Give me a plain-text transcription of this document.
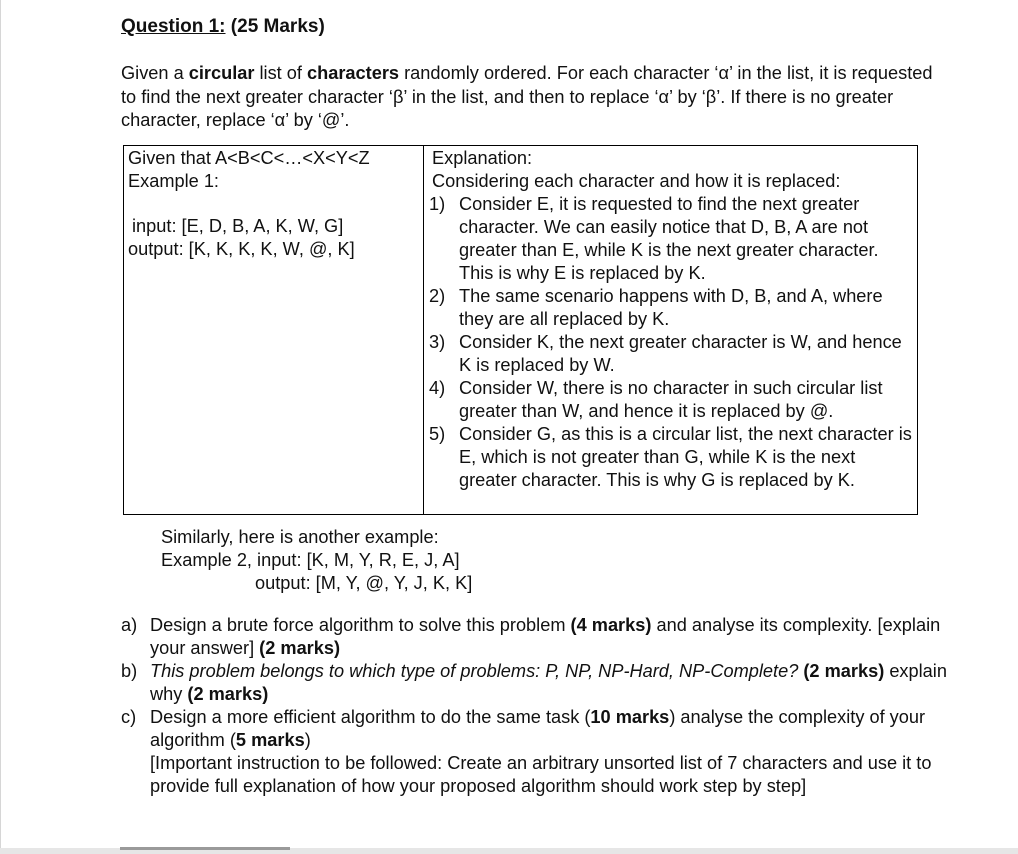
Question 1: (25 Marks)
Given a circular list of characters randomly ordered. For each character ‘α’ in the list, it is requested to find the next greater character ‘β’ in the list, and then to replace ‘α’ by ‘β’. If there is no greater character, replace ‘α’ by ‘@’.
Given that A<B<C<…<X<Y<Z
Example 1:
input: [E, D, B, A, K, W, G]
output: [K, K, K, K, W, @, K]

Explanation:
Considering each character and how it is replaced:
1) Consider E, it is requested to find the next greater character. We can easily notice that D, B, A are not greater than E, while K is the next greater character. This is why E is replaced by K.
2) The same scenario happens with D, B, and A, where they are all replaced by K.
3) Consider K, the next greater character is W, and hence K is replaced by W.
4) Consider W, there is no character in such circular list greater than W, and hence it is replaced by @.
5) Consider G, as this is a circular list, the next character is E, which is not greater than G, while K is the next greater character. This is why G is replaced by K.
Similarly, here is another example:
Example 2, input: [K, M, Y, R, E, J, A]
output: [M, Y, @, Y, J, K, K]
a) Design a brute force algorithm to solve this problem (4 marks) and analyse its complexity. [explain your answer] (2 marks)
b) This problem belongs to which type of problems: P, NP, NP-Hard, NP-Complete? (2 marks) explain why (2 marks)
c) Design a more efficient algorithm to do the same task (10 marks) analyse the complexity of your algorithm (5 marks)
[Important instruction to be followed: Create an arbitrary unsorted list of 7 characters and use it to provide full explanation of how your proposed algorithm should work step by step]
